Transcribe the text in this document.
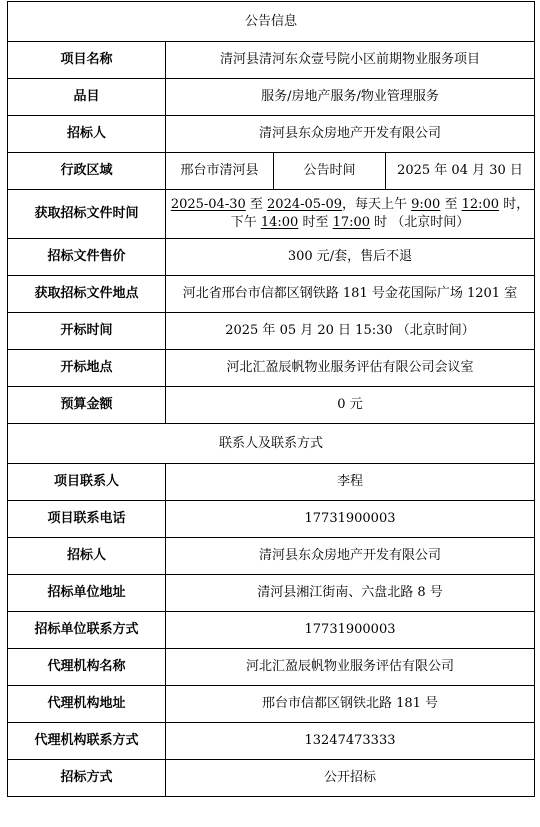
公告信息			
项目名称	清河县清河东众壹号院小区前期物业服务项目		
品目	服务/房地产服务/物业管理服务		
招标人	清河县东众房地产开发有限公司		
行政区域	邢台市清河县	公告时间	2025 年 04 月 30 日
获取招标文件时间	2025-04-30 至 2024-05-09，每天上午 9:00 至 12:00 时，
下午 14:00 时至 17:00 时 （北京时间）		

招标文件售价	300 元/套，售后不退		
获取招标文件地点	河北省邢台市信都区钢铁路 181 号金花国际广场 1201 室		
开标时间	2025 年 05 月 20 日 15:30 （北京时间）		
开标地点	河北汇盈辰帆物业服务评估有限公司会议室		
预算金额	0 元		
联系人及联系方式			
项目联系人	李程		
项目联系电话	17731900003		
招标人	清河县东众房地产开发有限公司		
招标单位地址	清河县湘江街南、六盘北路 8 号		
招标单位联系方式	17731900003		
代理机构名称	河北汇盈辰帆物业服务评估有限公司		
代理机构地址	邢台市信都区钢铁北路 181 号		
代理机构联系方式	13247473333		
招标方式	公开招标		
